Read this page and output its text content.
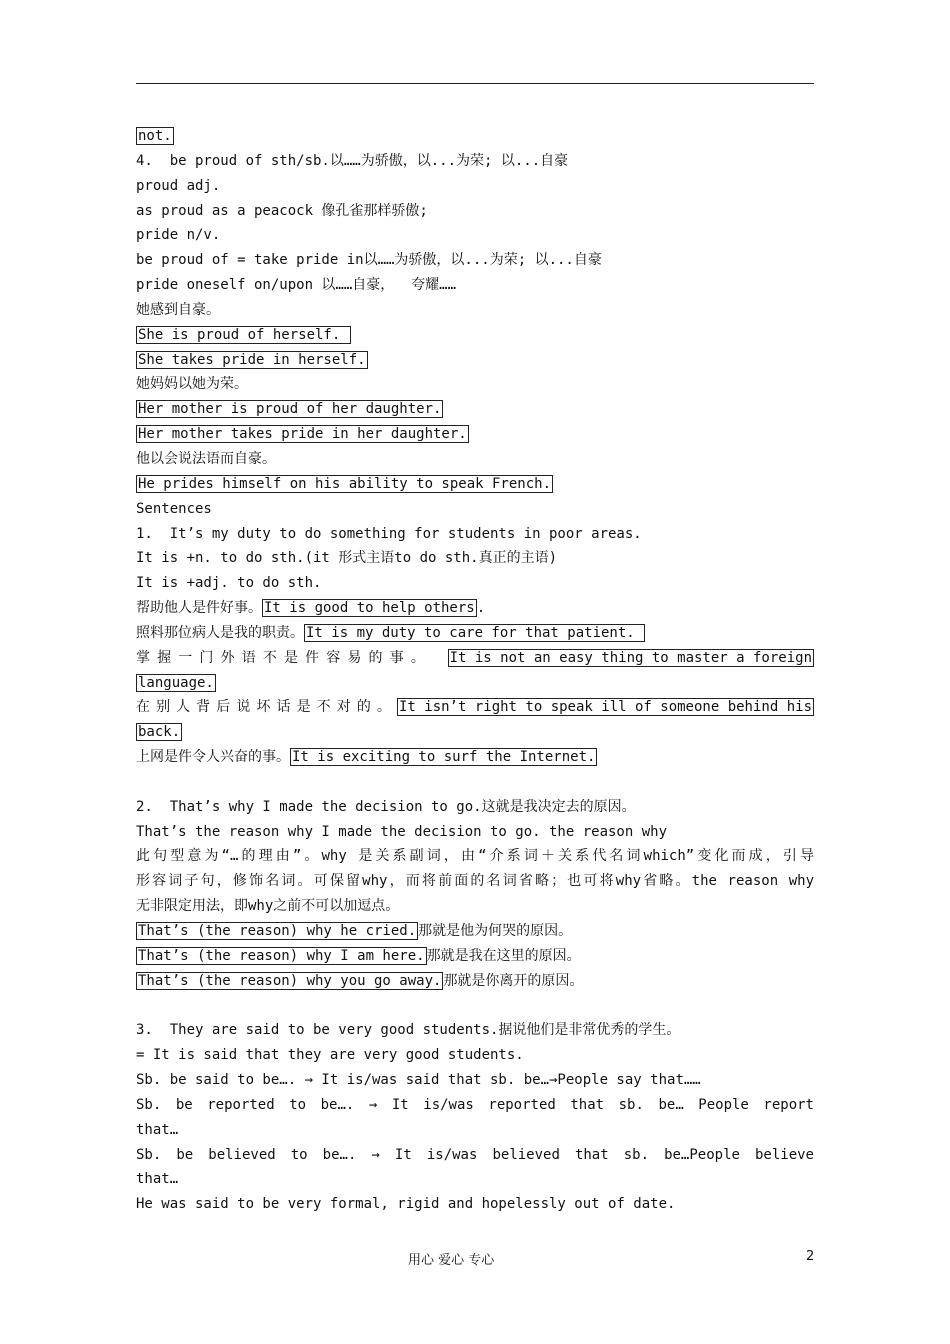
not.
4.  be proud of sth/sb.以……为骄傲，以...为荣; 以...自豪
proud adj.
as proud as a peacock 像孔雀那样骄傲;
pride n/v.
be proud of = take pride in以……为骄傲，以...为荣; 以...自豪
pride oneself on/upon 以……自豪，  夸耀……
她感到自豪。
She is proud of herself.
She takes pride in herself.
她妈妈以她为荣。
Her mother is proud of her daughter.
Her mother takes pride in her daughter.
他以会说法语而自豪。
He prides himself on his ability to speak French.
Sentences
1.  It’s my duty to do something for students in poor areas.
It is +n. to do sth.(it 形式主语to do sth.真正的主语)
It is +adj. to do sth.
帮助他人是件好事。 It is good to help others .
照料那位病人是我的职责。 It is my duty to care for that patient.
掌握一门外语不是件容易的事。 It is not an easy thing to master a foreign
language.
在别人背后说坏话是不对的。 It isn’t right to speak ill of someone behind his
back.
上网是件令人兴奋的事。 It is exciting to surf the Internet.
2.  That’s why I made the decision to go.这就是我决定去的原因。
That’s the reason why I made the decision to go. the reason why
此句型意为“…的理由”。why 是关系副词，由“介系词＋关系代名词which”变化而成，引导
形容词子句，修饰名词。可保留why，而将前面的名词省略；也可将why省略。the reason why
无非限定用法，即why之前不可以加逗点。
That’s (the reason) why he cried. 那就是他为何哭的原因。
That’s (the reason) why I am here. 那就是我在这里的原因。
That’s (the reason) why you go away. 那就是你离开的原因。
3.  They are said to be very good students.据说他们是非常优秀的学生。
= It is said that they are very good students.
Sb. be said to be…. → It is/was said that sb. be…→People say that……
Sb. be reported to be…. → It is/was reported that sb. be… People report
that…
Sb. be believed to be…. → It is/was believed that sb. be…People believe
that…
He was said to be very formal, rigid and hopelessly out of date.
用心 爱心 专心	2
